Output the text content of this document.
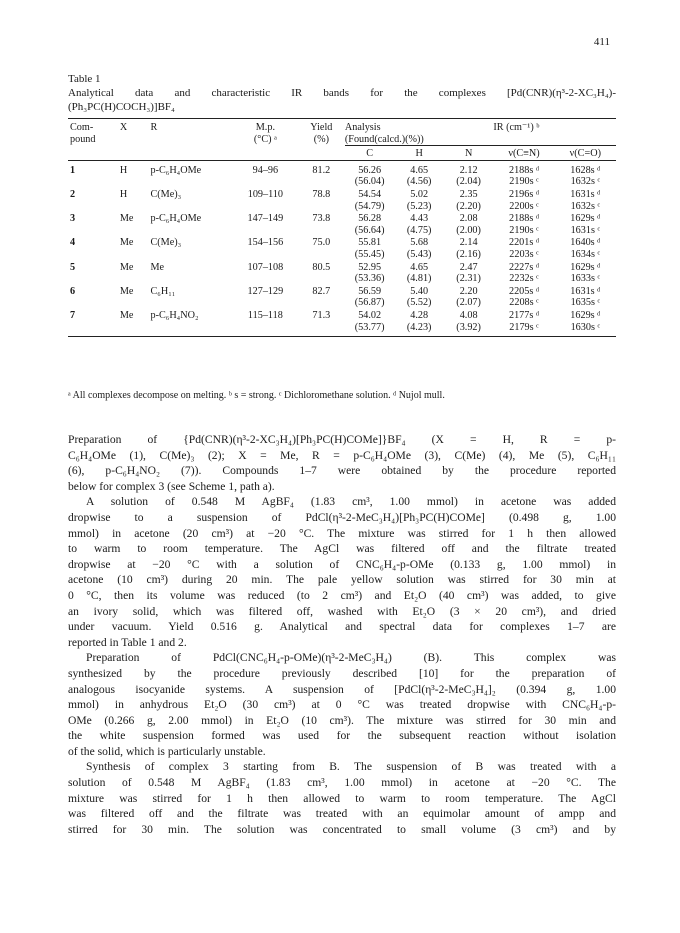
411
Table 1
Analytical data and characteristic IR bands for the complexes [Pd(CNR)(η³-2-XC₃H₄)-
(Ph₃PC(H)COCH₃)]BF₄
Com-
pound	X	R	M.p.	Yield	Analysis			IR (cm⁻¹) ᵇ	
			(°C) ᵃ	(%)	(Found(calcd.)(%))				
					C	H	N	ν(C≡N)	ν(C=O)
1	H	p-C₆H₄OMe	94–96	81.2	56.26	4.65	2.12	2188s ᵈ	1628s ᵈ
					(56.04)	(4.56)	(2.04)	2190s ᶜ	1632s ᶜ
2	H	C(Me)₃	109–110	78.8	54.54	5.02	2.35	2196s ᵈ	1631s ᵈ
					(54.79)	(5.23)	(2.20)	2200s ᶜ	1632s ᶜ
3	Me	p-C₆H₄OMe	147–149	73.8	56.28	4.43	2.08	2188s ᵈ	1629s ᵈ
					(56.64)	(4.75)	(2.00)	2190s ᶜ	1631s ᶜ
4	Me	C(Me)₃	154–156	75.0	55.81	5.68	2.14	2201s ᵈ	1640s ᵈ
					(55.45)	(5.43)	(2.16)	2203s ᶜ	1634s ᶜ
5	Me	Me	107–108	80.5	52.95	4.65	2.47	2227s ᵈ	1629s ᵈ
					(53.36)	(4.81)	(2.31)	2232s ᶜ	1633s ᶜ
6	Me	C₆H₁₁	127–129	82.7	56.59	5.40	2.20	2205s ᵈ	1631s ᵈ
					(56.87)	(5.52)	(2.07)	2208s ᶜ	1635s ᶜ
7	Me	p-C₆H₄NO₂	115–118	71.3	54.02	4.28	4.08	2177s ᵈ	1629s ᵈ
					(53.77)	(4.23)	(3.92)	2179s ᶜ	1630s ᶜ
ᵃ All complexes decompose on melting. ᵇ s = strong. ᶜ Dichloromethane solution. ᵈ Nujol mull.

Preparation of {Pd(CNR)(η³-2-XC₃H₄)[Ph₃PC(H)COMe]}BF₄ (X = H, R = p-
C₆H₄OMe (1), C(Me)₃ (2); X = Me, R = p-C₆H₄OMe (3), C(Me) (4), Me (5), C₆H₁₁
(6), p-C₆H₄NO₂ (7)). Compounds 1–7 were obtained by the procedure reported
below for complex 3 (see Scheme 1, path a).

A solution of 0.548 M AgBF₄ (1.83 cm³, 1.00 mmol) in acetone was added
dropwise to a suspension of PdCl(η³-2-MeC₃H₄)[Ph₃PC(H)COMe] (0.498 g, 1.00
mmol) in acetone (20 cm³) at −20 °C. The mixture was stirred for 1 h then allowed
to warm to room temperature. The AgCl was filtered off and the filtrate treated
dropwise at −20 °C with a solution of CNC₆H₄-p-OMe (0.133 g, 1.00 mmol) in
acetone (10 cm³) during 20 min. The pale yellow solution was stirred for 30 min at
0 °C, then its volume was reduced (to 2 cm³) and Et₂O (40 cm³) was added, to give
an ivory solid, which was filtered off, washed with Et₂O (3 × 20 cm³), and dried
under vacuum. Yield 0.516 g. Analytical and spectral data for complexes 1–7 are
reported in Table 1 and 2.

Preparation of PdCl(CNC₆H₄-p-OMe)(η³-2-MeC₃H₄) (B). This complex was
synthesized by the procedure previously described [10] for the preparation of
analogous isocyanide systems. A suspension of [PdCl(η³-2-MeC₃H₄]₂ (0.394 g, 1.00
mmol) in anhydrous Et₂O (30 cm³) at 0 °C was treated dropwise with CNC₆H₄-p-
OMe (0.266 g, 2.00 mmol) in Et₂O (10 cm³). The mixture was stirred for 30 min and
the white suspension formed was used for the subsequent reaction without isolation
of the solid, which is particularly unstable.

Synthesis of complex 3 starting from B. The suspension of B was treated with a
solution of 0.548 M AgBF₄ (1.83 cm³, 1.00 mmol) in acetone at −20 °C. The
mixture was stirred for 1 h then allowed to warm to room temperature. The AgCl
was filtered off and the filtrate was treated with an equimolar amount of ampp and
stirred for 30 min. The solution was concentrated to small volume (3 cm³) and by
